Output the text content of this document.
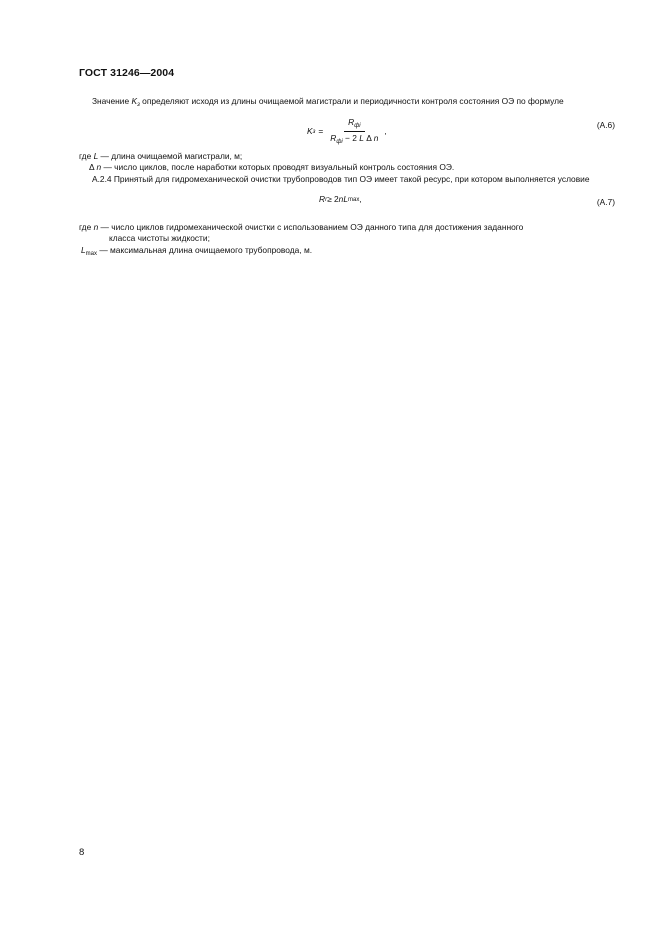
ГОСТ 31246—2004

Значение $K_з$ определяют исходя из длины очищаемой магистрали и периодичности контроля состояния ОЭ по формуле

K $з = \frac{R_{фi}}{R_{фi} - 2 L \Delta n}$ ,
(А.6)

где L — длина очищаемой магистрали, м;

Δ n — число циклов, после наработки которых проводят визуальный контроль состояния ОЭ.

А.2.4 Принятый для гидромеханической очистки трубопроводов тип ОЭ имеет такой ресурс, при котором выполняется условие

R r ≥ 2 n L max ,	(А.7)

где n — число циклов гидромеханической очистки с использованием ОЭ данного типа для достижения заданного

класса чистоты жидкости;

$L_{max}$ — максимальная длина очищаемого трубопровода, м.

8
